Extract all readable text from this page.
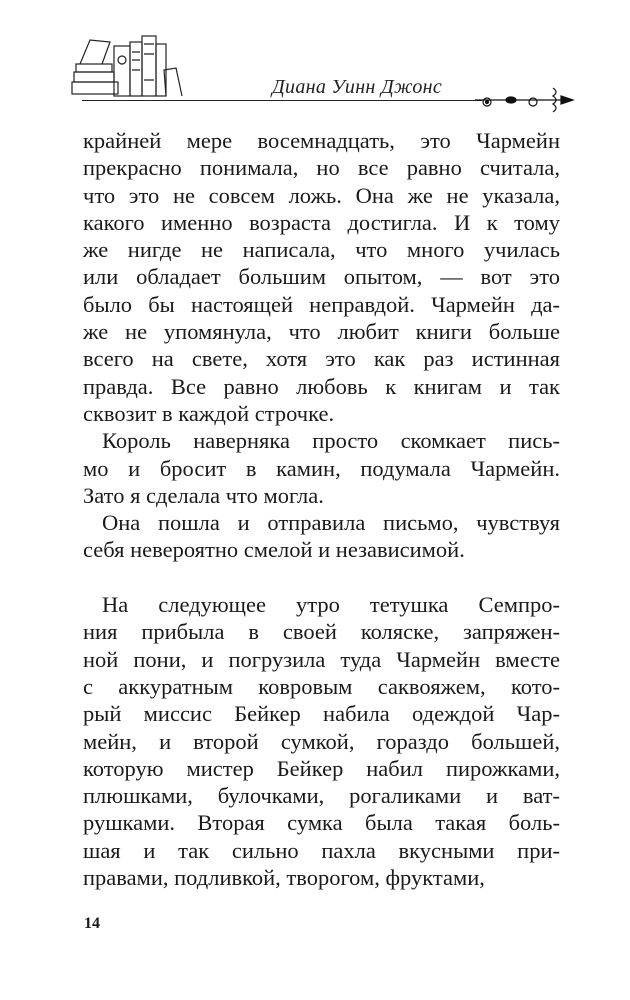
Диана Уинн Джонс
крайней мере восемнадцать, это Чармейн
прекрасно понимала, но все равно считала,
что это не совсем ложь. Она же не указала,
какого именно возраста достигла. И к тому
же нигде не написала, что много училась
или обладает большим опытом, — вот это
было бы настоящей неправдой. Чармейн да-
же не упомянула, что любит книги больше
всего на свете, хотя это как раз истинная
правда. Все равно любовь к книгам и так
сквозит в каждой строчке.
Король наверняка просто скомкает пись-
мо и бросит в камин, подумала Чармейн.
Зато я сделала что могла.
Она пошла и отправила письмо, чувствуя
себя невероятно смелой и независимой.
На следующее утро тетушка Семпро-
ния прибыла в своей коляске, запряжен-
ной пони, и погрузила туда Чармейн вместе
с аккуратным ковровым саквояжем, кото-
рый миссис Бейкер набила одеждой Чар-
мейн, и второй сумкой, гораздо большей,
которую мистер Бейкер набил пирожками,
плюшками, булочками, рогаликами и ват-
рушками. Вторая сумка была такая боль-
шая и так сильно пахла вкусными при-
правами, подливкой, творогом, фруктами,
14
